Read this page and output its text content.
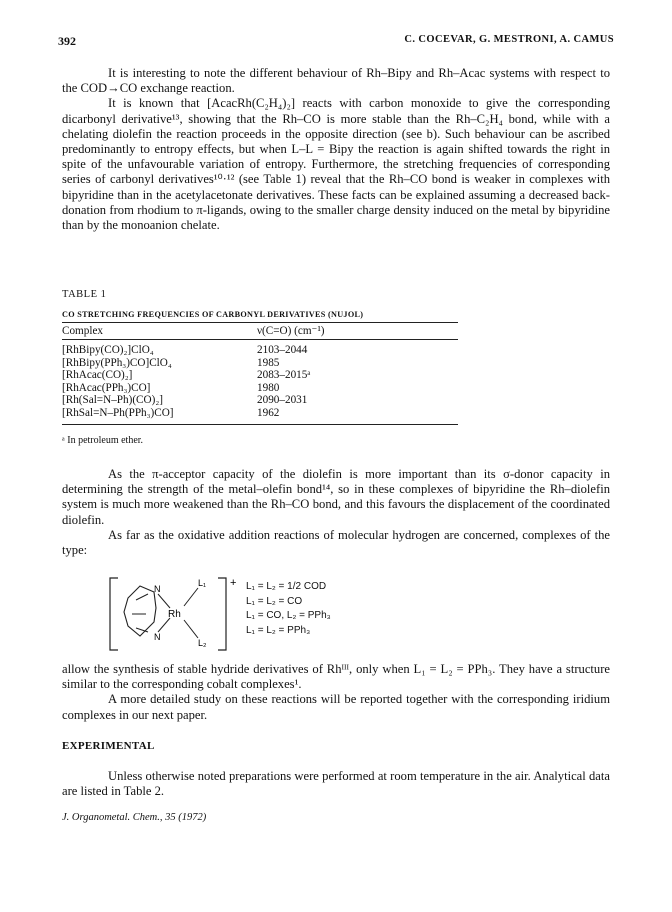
392	C. COCEVAR, G. MESTRONI, A. CAMUS

It is interesting to note the different behaviour of Rh–Bipy and Rh–Acac systems with respect to the COD→CO exchange reaction.

It is known that [AcacRh(C₂H₄)₂] reacts with carbon monoxide to give the corresponding dicarbonyl derivative¹³, showing that the Rh–CO is more stable than the Rh–C₂H₄ bond, while with a chelating diolefin the reaction proceeds in the opposite direction (see b). Such behaviour can be ascribed predominantly to entropy effects, but when L–L = Bipy the reaction is again shifted towards the right in spite of the unfavourable variation of entropy. Furthermore, the stretching frequencies of corresponding series of carbonyl derivatives¹⁰·¹² (see Table 1) reveal that the Rh–CO bond is weaker in complexes with bipyridine than in the acetylacetonate derivatives. These facts can be explained assuming a decreased back-donation from rhodium to π-ligands, owing to the smaller charge density induced on the metal by bipyridine than by the monoanion chelate.

TABLE 1
CO STRETCHING FREQUENCIES OF CARBONYL DERIVATIVES (NUJOL)
Complex	ν(C=O) (cm⁻¹)
[RhBipy(CO)₂]ClO₄	2103–2044
[RhBipy(PPh₃)CO]ClO₄	1985
[RhAcac(CO)₂]	2083–2015ᵃ
[RhAcac(PPh₃)CO]	1980
[Rh(Sal=N–Ph)(CO)₂]	2090–2031
[RhSal=N–Ph(PPh₃)CO]	1962
ᵃ In petroleum ether.

As the π-acceptor capacity of the diolefin is more important than its σ-donor capacity in determining the strength of the metal–olefin bond¹⁴, so in these complexes of bipyridine the Rh–diolefin system is much more weakened than the Rh–CO bond, and this favours the displacement of the coordinated diolefin.

As far as the oxidative addition reactions of molecular hydrogen are concerned, complexes of the type:

N
N
Rh
L₁
L₂
+ L₁ = L₂ = 1/2 COD
L₁ = L₂ = CO
L₁ = CO, L₂ = PPh₃
L₁ = L₂ = PPh₃

allow the synthesis of stable hydride derivatives of Rhᴵᴵᴵ, only when L₁ = L₂ = PPh₃. They have a structure similar to the corresponding cobalt complexes¹.

A more detailed study on these reactions will be reported together with the corresponding iridium complexes in our next paper.

EXPERIMENTAL

Unless otherwise noted preparations were performed at room temperature in the air. Analytical data are listed in Table 2.

J. Organometal. Chem., 35 (1972)
